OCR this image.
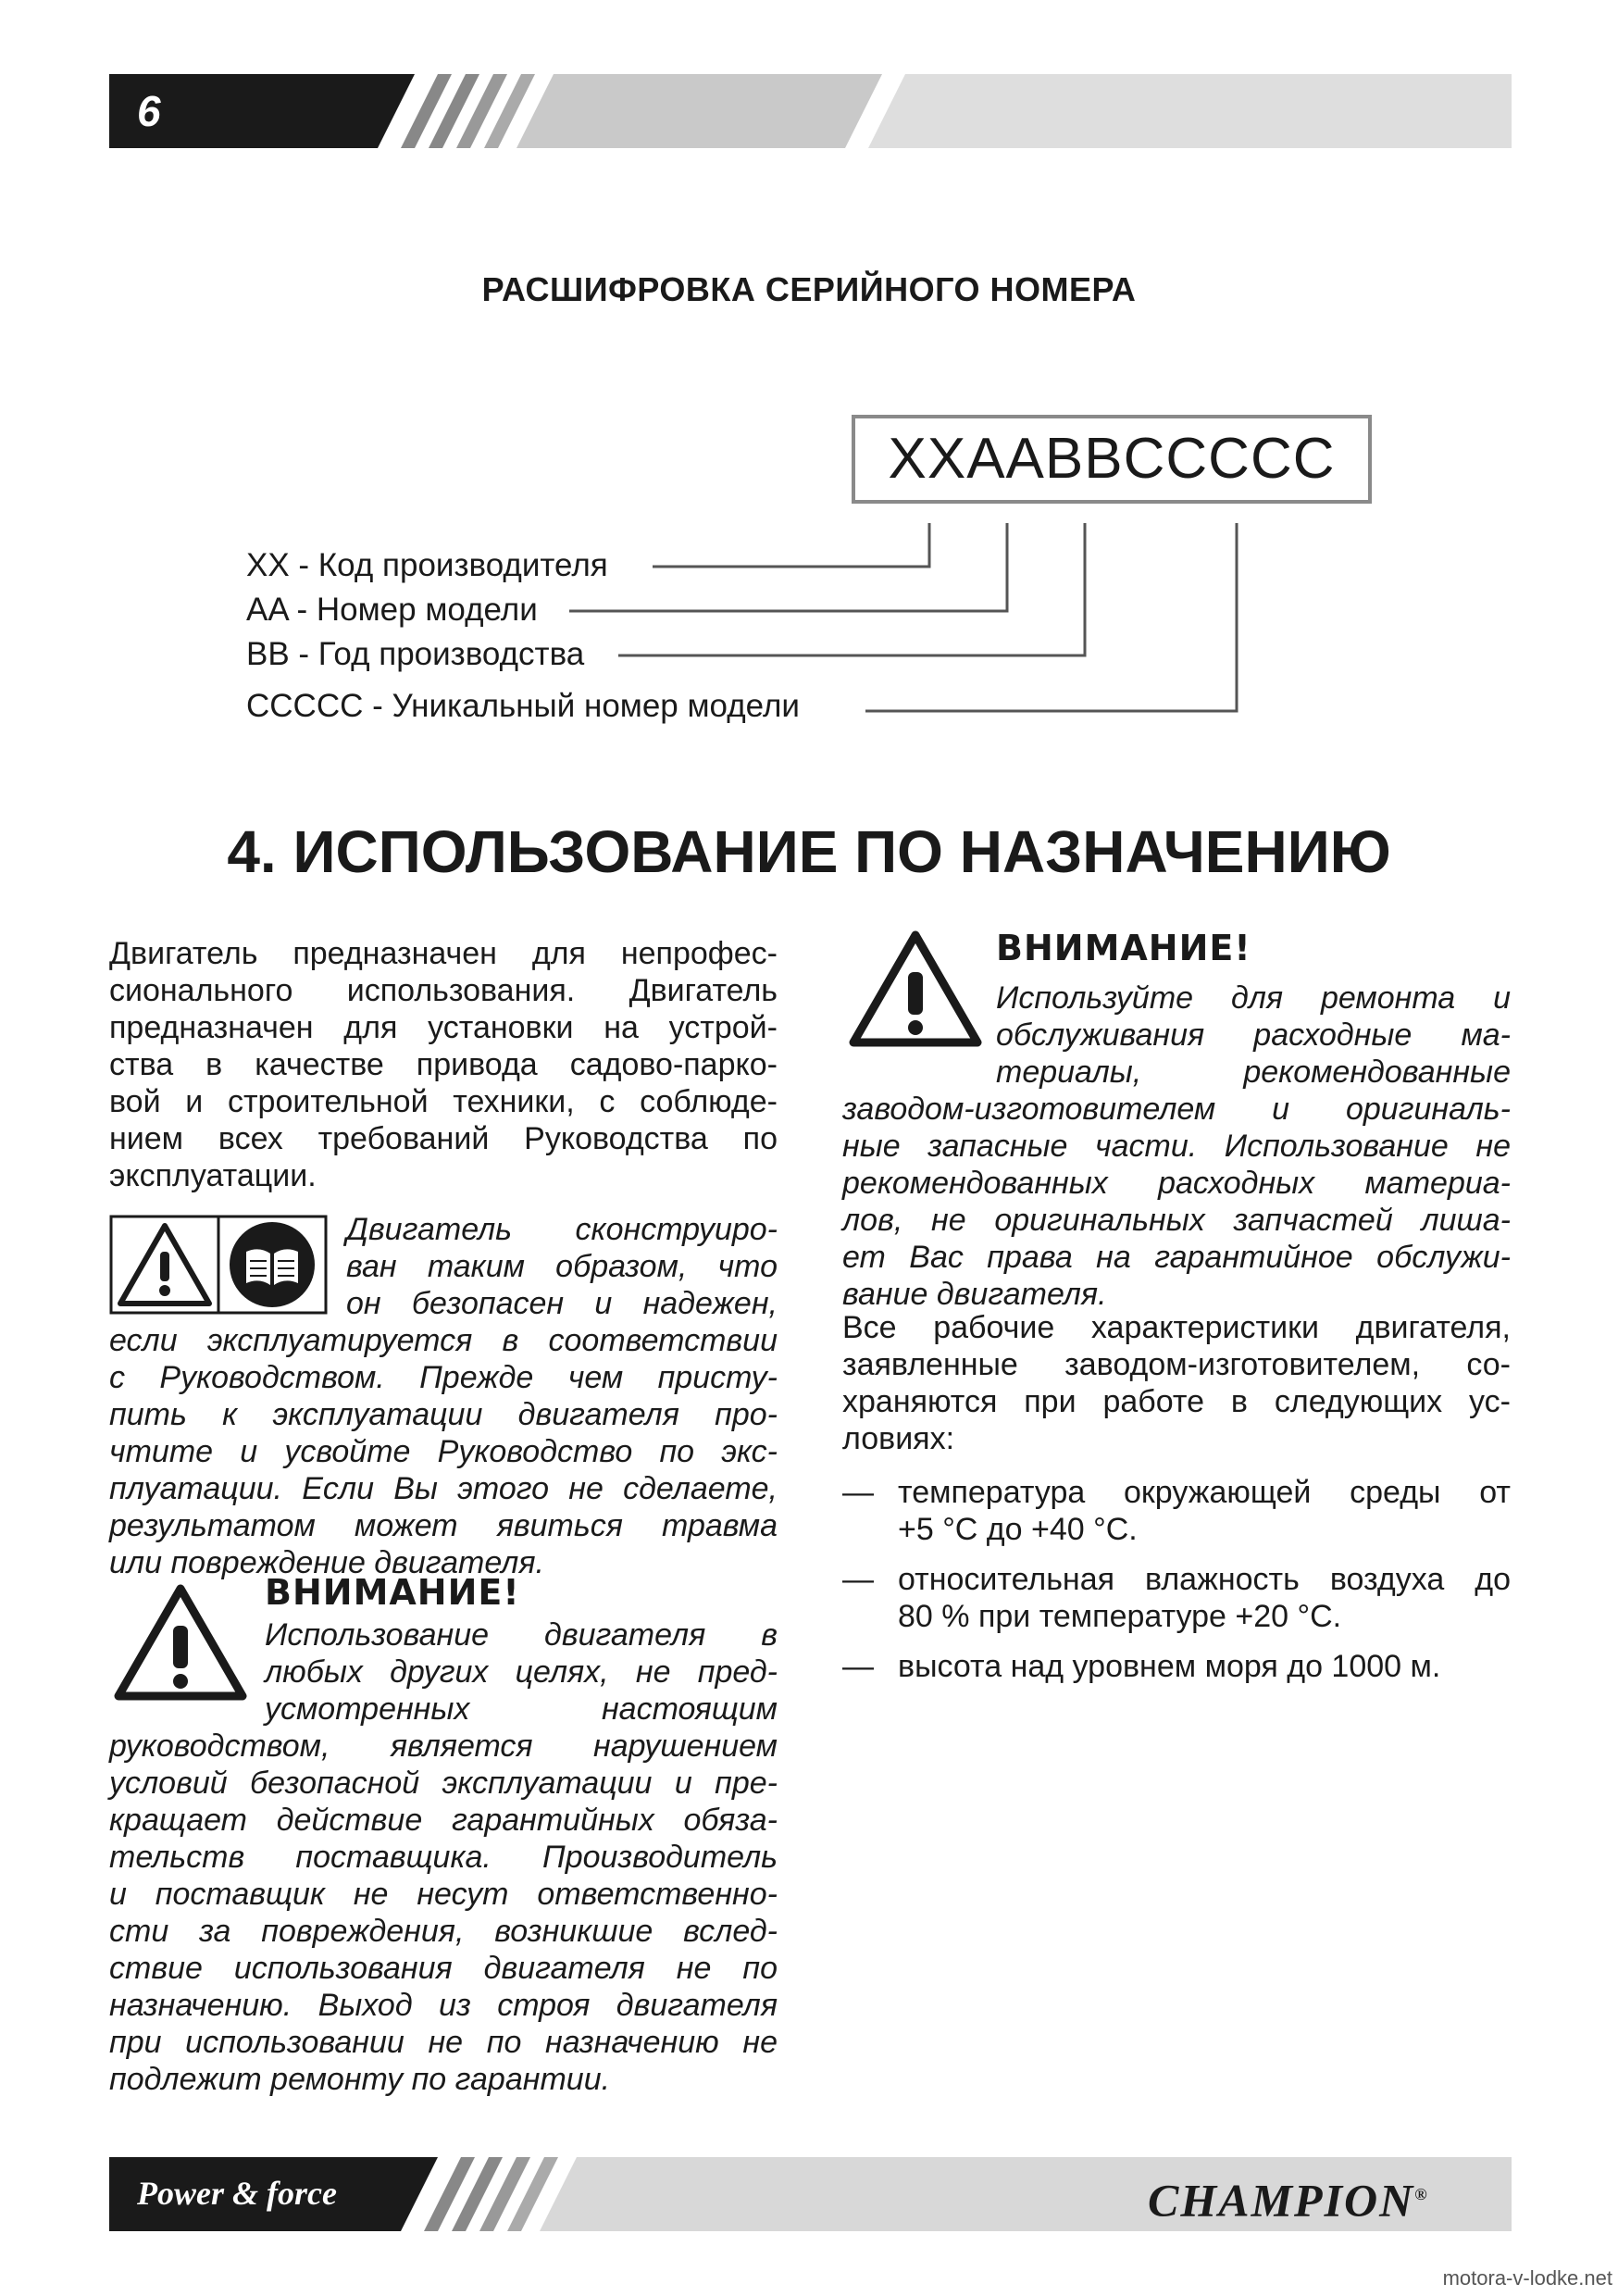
6
РАСШИФРОВКА СЕРИЙНОГО НОМЕРА
XXAABBCCCCC
XX - Код производителя
AA - Номер модели
BB - Год производства
CCCCC - Уникальный номер модели
4. ИСПОЛЬЗОВАНИЕ ПО НАЗНАЧЕНИЮ

Двигатель предназначен для непрофес-

сионального использования. Двигатель

предназначен для установки на устрой-

ства в качестве привода садово-парко-

вой и строительной техники, с соблюде-

нием всех требований Руководства по

эксплуатации.

Двигатель сконструиро-

ван таким образом, что

он безопасен и надежен,

если эксплуатируется в соответствии

с Руководством. Прежде чем присту-

пить к эксплуатации двигателя про-

чтите и усвойте Руководство по экс-

плуатации. Если Вы этого не сделаете,

результатом может явиться травма

или повреждение двигателя.

ВНИМАНИЕ!

Использование двигателя в

любых других целях, не пред-

усмотренных настоящим

руководством, является нарушением

условий безопасной эксплуатации и пре-

кращает действие гарантийных обяза-

тельств поставщика. Производитель

и поставщик не несут ответственно-

сти за повреждения, возникшие вслед-

ствие использования двигателя не по

назначению. Выход из строя двигателя

при использовании не по назначению не

подлежит ремонту по гарантии.

ВНИМАНИЕ!

Используйте для ремонта и

обслуживания расходные ма-

териалы, рекомендованные

заводом-изготовителем и оригиналь-

ные запасные части. Использование не

рекомендованных расходных материа-

лов, не оригинальных запчастей лиша-

ет Вас права на гарантийное обслужи-

вание двигателя.

Все рабочие характеристики двигателя,

заявленные заводом-изготовителем, со-

храняются при работе в следующих ус-

ловиях:

— температура окружающей среды от
+5 °C до +40 °C.
— относительная влажность воздуха до
80 % при температуре +20 °C.
— высота над уровнем моря до 1000 м.
Power & force	CHAMPION®
motora-v-lodke.net
